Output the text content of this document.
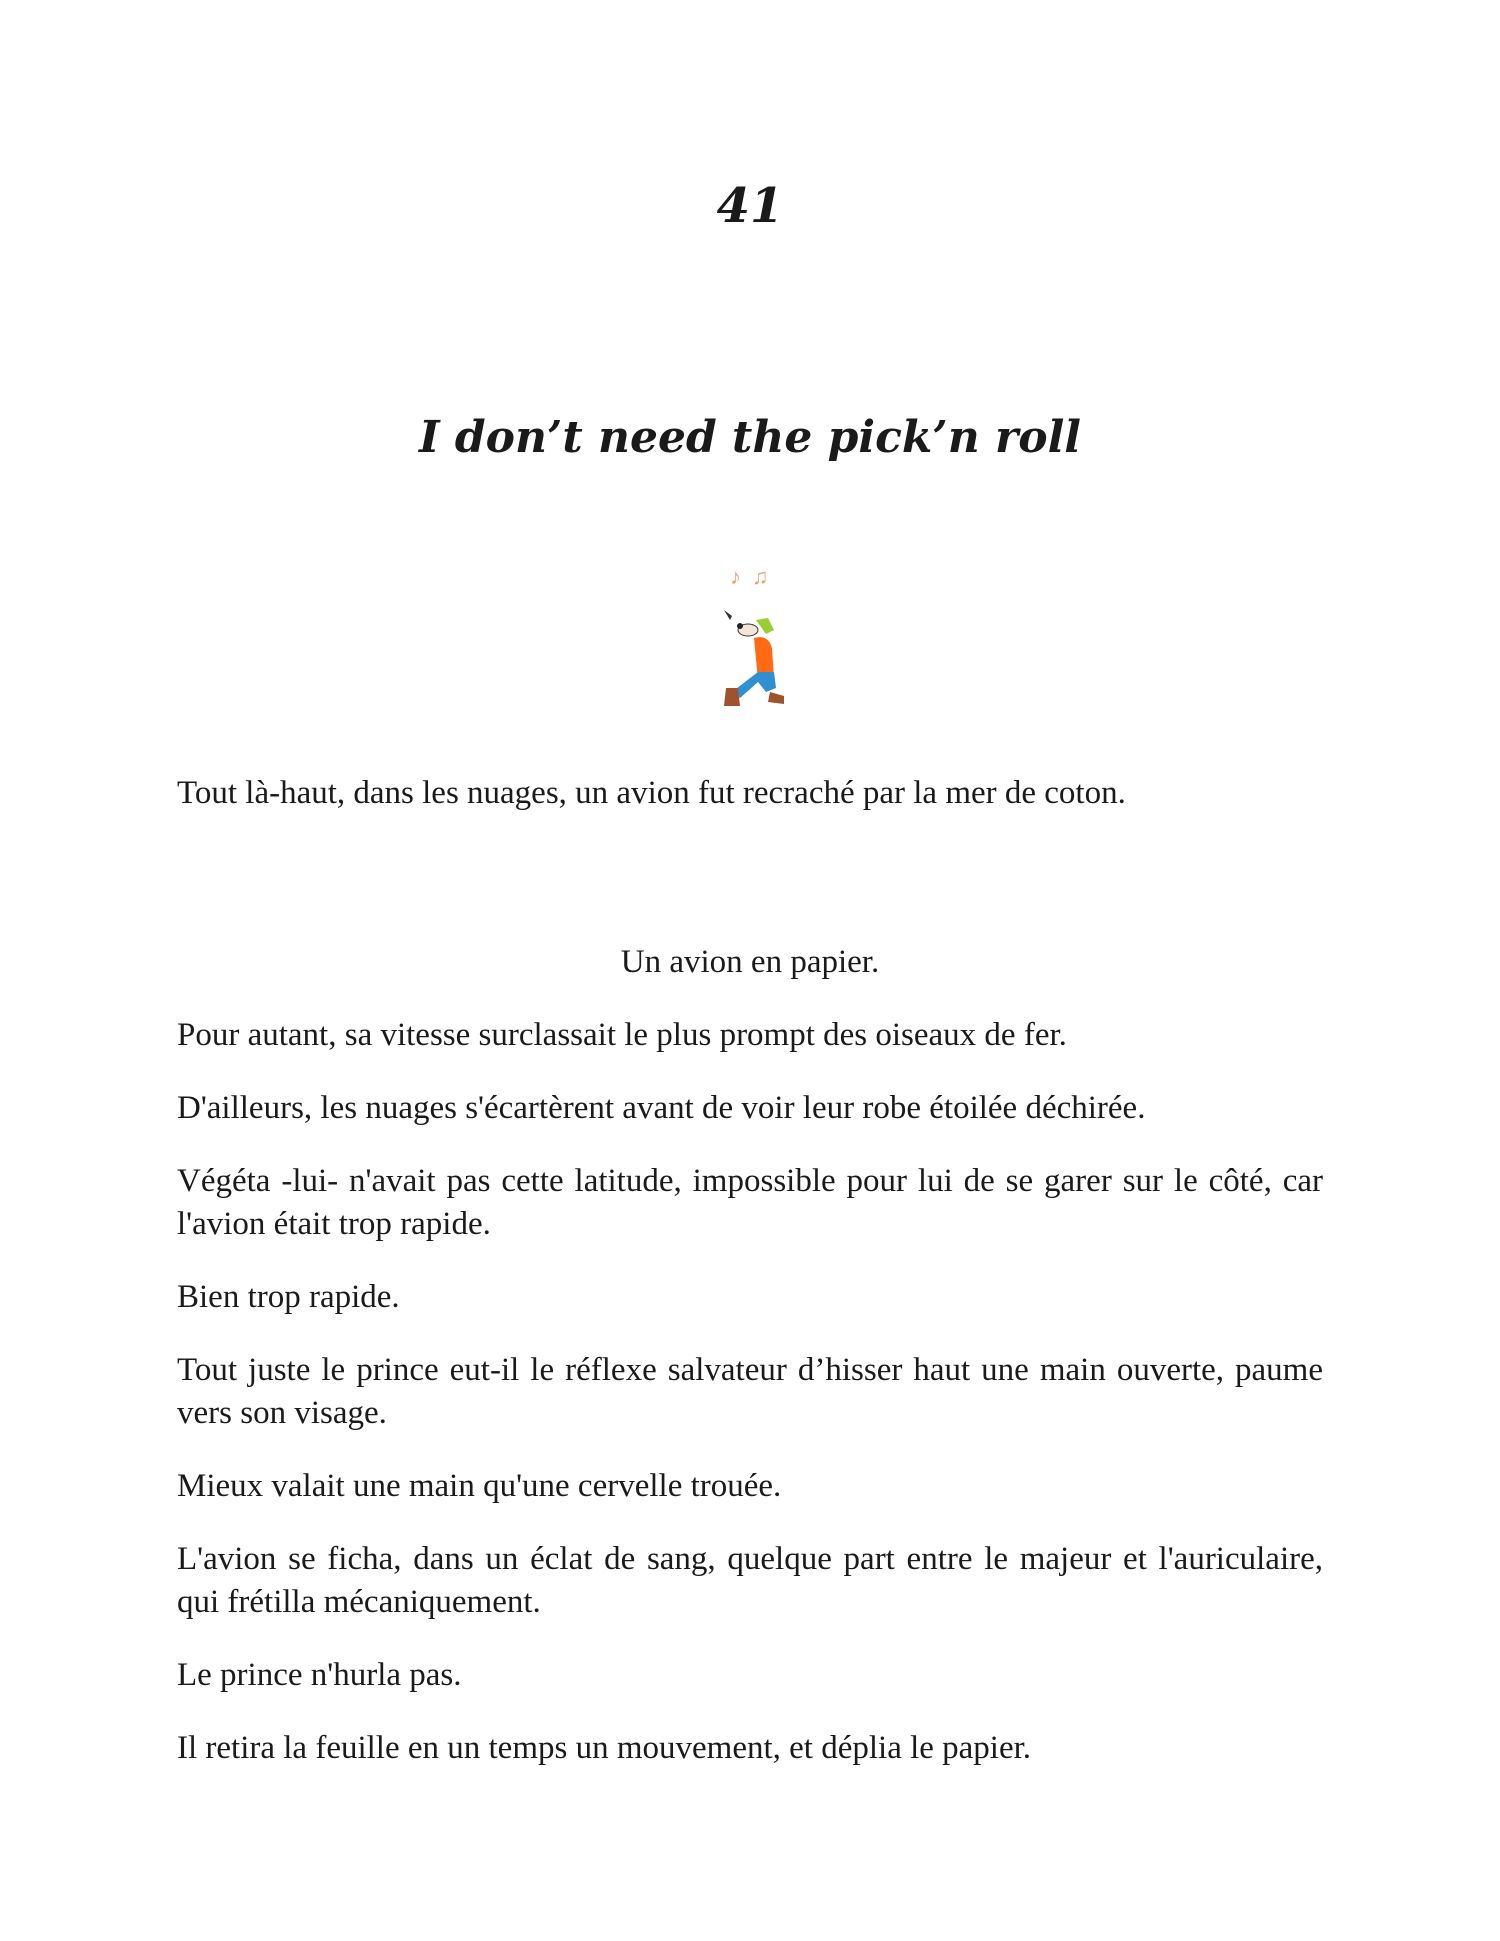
41
I don’t need the pick’n roll
♪ ♫

Tout là-haut, dans les nuages, un avion fut recraché par la mer de coton.

Un avion en papier.

Pour autant, sa vitesse surclassait le plus prompt des oiseaux de fer.

D'ailleurs, les nuages s'écartèrent avant de voir leur robe étoilée déchirée.

Végéta -lui- n'avait pas cette latitude, impossible pour lui de se garer sur le côté, car l'avion était trop rapide.

Bien trop rapide.

Tout juste le prince eut-il le réflexe salvateur d’hisser haut une main ouverte, paume vers son visage.

Mieux valait une main qu'une cervelle trouée.

L'avion se ficha, dans un éclat de sang, quelque part entre le majeur et l'auriculaire, qui frétilla mécaniquement.

Le prince n'hurla pas.

Il retira la feuille en un temps un mouvement, et déplia le papier.
